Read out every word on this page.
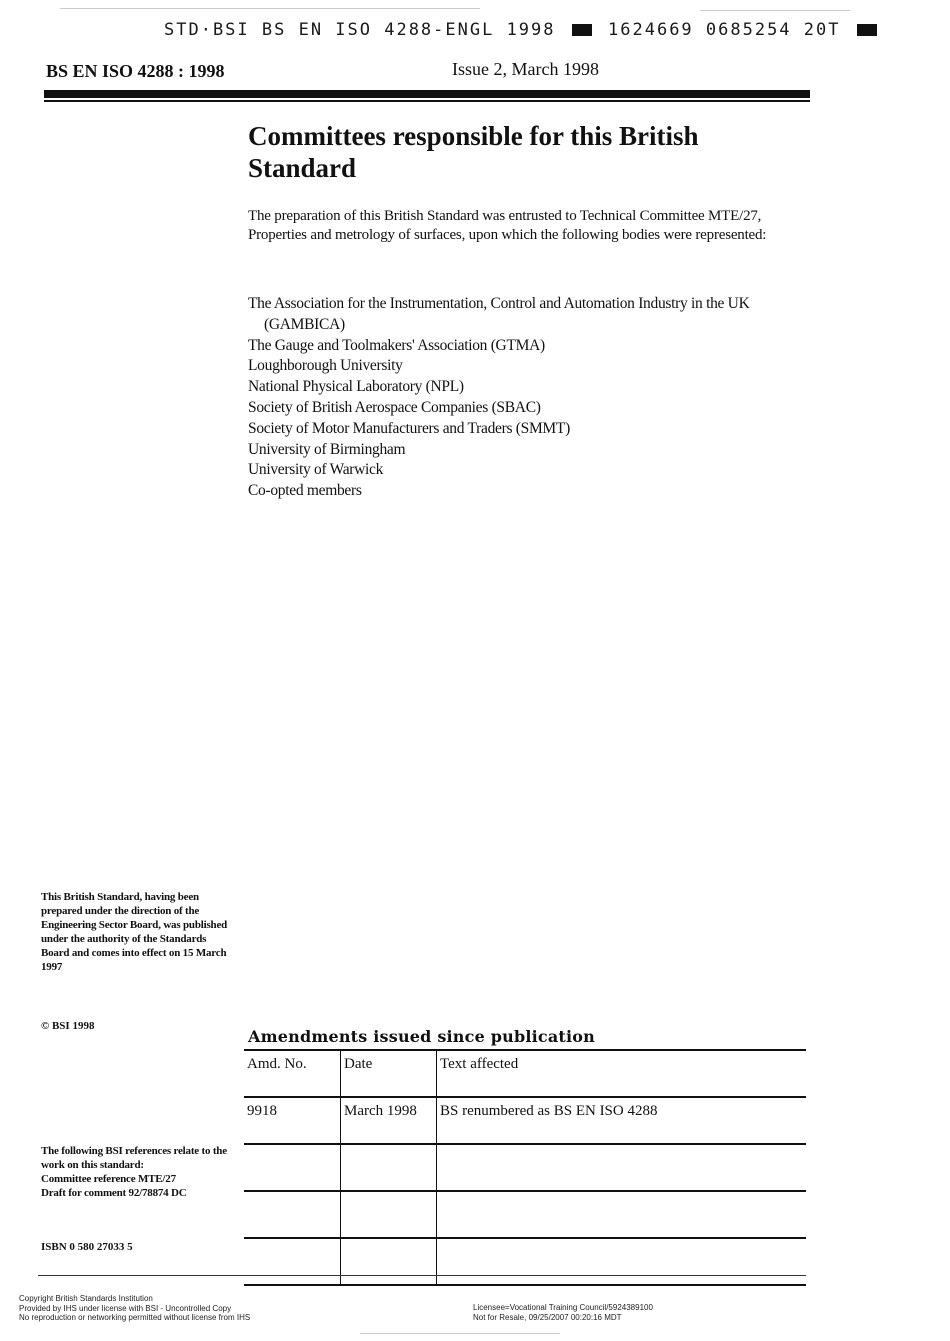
STD·BSI BS EN ISO 4288-ENGL 1998	1624669 0685254 20T
BS EN ISO 4288 : 1998	Issue 2, March 1998
Committees responsible for this British Standard
The preparation of this British Standard was entrusted to Technical Committee MTE/27, Properties and metrology of surfaces, upon which the following bodies were represented:
The Association for the Instrumentation, Control and Automation Industry in the UK
(GAMBICA)
The Gauge and Toolmakers' Association (GTMA)
Loughborough University
National Physical Laboratory (NPL)
Society of British Aerospace Companies (SBAC)
Society of Motor Manufacturers and Traders (SMMT)
University of Birmingham
University of Warwick
Co-opted members
This British Standard, having been prepared under the direction of the Engineering Sector Board, was published under the authority of the Standards Board and comes into effect on 15 March 1997
© BSI 1998
The following BSI references relate to the work on this standard:
Committee reference MTE/27
Draft for comment 92/78874 DC
ISBN 0 580 27033 5
Amendments issued since publication
Amd. No.	Date	Text affected
9918	March 1998	BS renumbered as BS EN ISO 4288

Copyright British Standards Institution
Provided by IHS under license with BSI - Uncontrolled Copy
No reproduction or networking permitted without license from IHS
Licensee=Vocational Training Council/5924389100
Not for Resale, 09/25/2007 00:20:16 MDT
